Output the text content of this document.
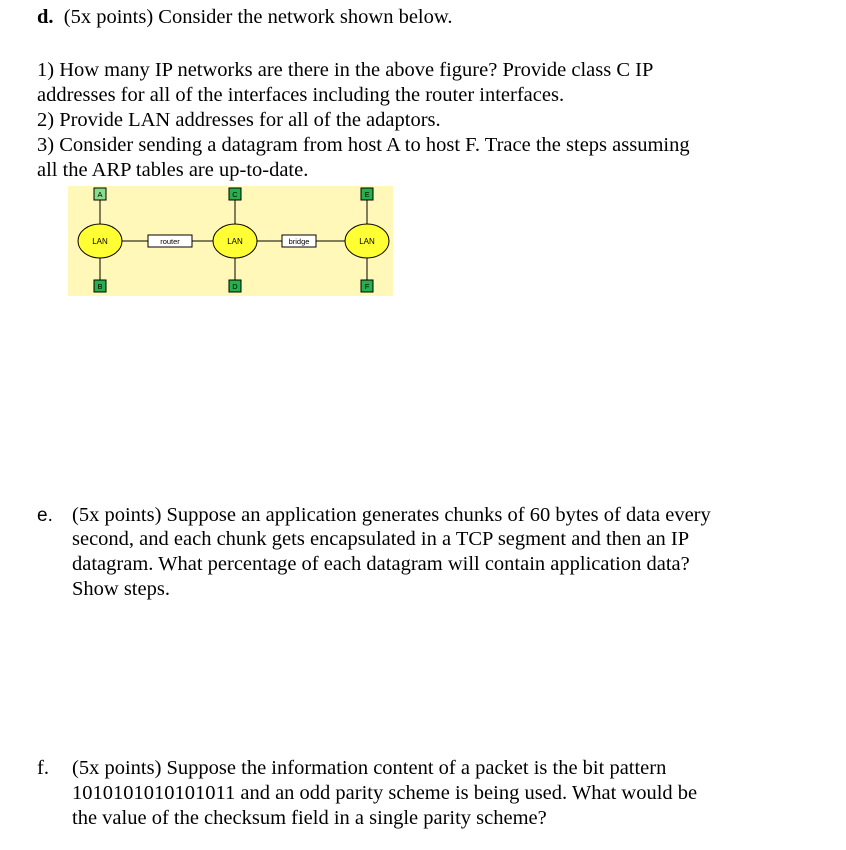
d. (5x points) Consider the network shown below.
1) How many IP networks are there in the above figure? Provide class C IP
addresses for all of the interfaces including the router interfaces.
2) Provide LAN addresses for all of the adaptors.
3) Consider sending a datagram from host A to host F. Trace the steps assuming
all the ARP tables are up-to-date.
LAN	LAN	LAN
router	bridge
A
B
C
D
E
F
e. (5x points) Suppose an application generates chunks of 60 bytes of data every
second, and each chunk gets encapsulated in a TCP segment and then an IP
datagram. What percentage of each datagram will contain application data?
Show steps.
f. (5x points) Suppose the information content of a packet is the bit pattern
1010101010101011 and an odd parity scheme is being used. What would be
the value of the checksum field in a single parity scheme?
